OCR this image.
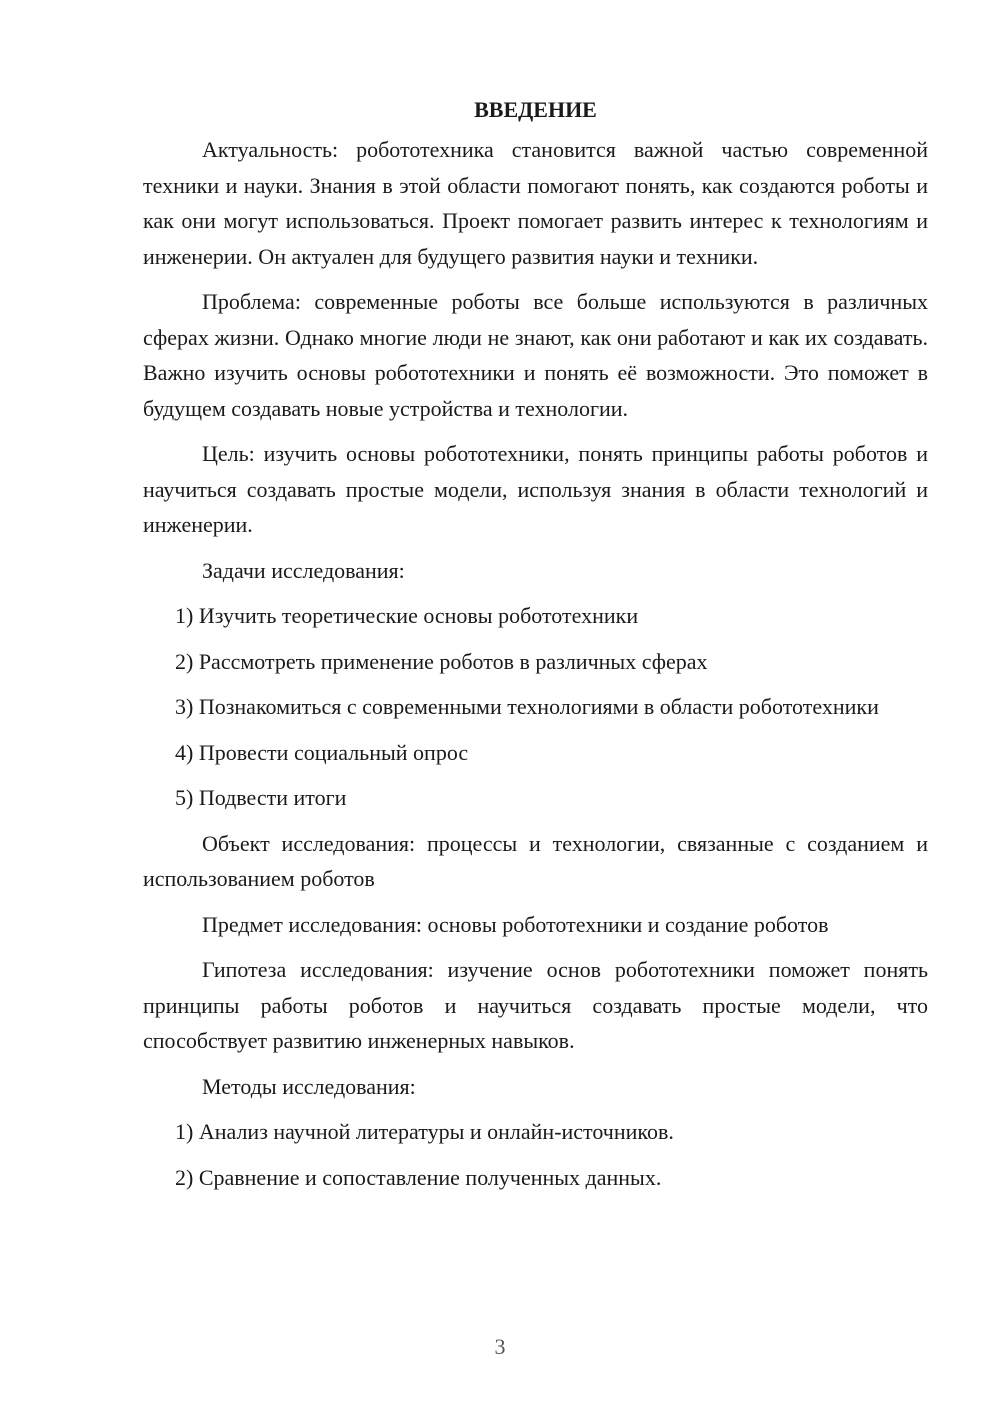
ВВЕДЕНИЕ

Актуальность: робототехника становится важной частью современной техники и науки. Знания в этой области помогают понять, как создаются роботы и как они могут использоваться. Проект помогает развить интерес к технологиям и инженерии. Он актуален для будущего развития науки и техники.

Проблема: современные роботы все больше используются в различных сферах жизни. Однако многие люди не знают, как они работают и как их создавать. Важно изучить основы робототехники и понять её возможности. Это поможет в будущем создавать новые устройства и технологии.

Цель: изучить основы робототехники, понять принципы работы роботов и научиться создавать простые модели, используя знания в области технологий и инженерии.

Задачи исследования:

1) Изучить теоретические основы робототехники

2) Рассмотреть применение роботов в различных сферах

3) Познакомиться с современными технологиями в области робототехники

4) Провести социальный опрос

5) Подвести итоги

Объект исследования: процессы и технологии, связанные с созданием и использованием роботов

Предмет исследования: основы робототехники и создание роботов

Гипотеза исследования: изучение основ робототехники поможет понять принципы работы роботов и научиться создавать простые модели, что способствует развитию инженерных навыков.

Методы исследования:

1) Анализ научной литературы и онлайн-источников.

2) Сравнение и сопоставление полученных данных.

3
